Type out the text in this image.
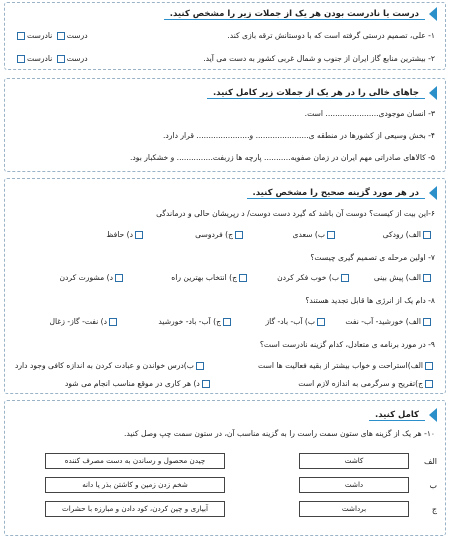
درست یا نادرست بودن هر یک از جملات زیر را مشخص کنید.
۱- علی، تصمیم درستی گرفته است که با دوستانش ترقه بازی کند.
درست نادرست
۲- بیشترین منابع گاز ایران از جنوب و شمال غربی کشور به دست می آید.
درست نادرست
جاهای خالی را در هر یک از جملات زیر کامل کنید.
۳- انسان موجودی...................... است.
۴- بخش وسیعی از کشورها در منطقه ی...................... و...................... قرار دارد.
۵- کالاهای صادراتی مهم ایران در زمان صفویه........... پارچه ها زربفت............... و خشکبار بود.
در هر مورد گزینه صحیح را مشخص کنید.
۶-این بیت از کیست؟ دوست آن باشد که گیرد دست دوست/ د رپریشان حالی و درماندگی
الف) رودکی
ب) سعدی
ج) فردوسی
د) حافظ
۷- اولین مرحله ی تصمیم گیری چیست؟
الف) پیش بینی
ب) خوب فکر کردن
ج) انتخاب بهترین راه
د) مشورت کردن
۸- دام یک از انرژی ها قابل تجدید هستند؟
الف) خورشید- آب- نفت
ب) آب- باد- گاز
ج) آب- باد- خورشید
د) نفت- گاز- زغال
۹- در مورد برنامه ی متعادل، کدام گزینه نادرست است؟
الف)استراحت و خواب بیشتر از بقیه فعالیت ها است
ب)درس خواندن و عبادت کردن به اندازه کافی وجود دارد
ج)تفریح و سرگرمی به اندازه لازم است
د) هر کاری در موقع مناسب انجام می شود
کامل کنید.
۱۰- هر یک از گزینه های ستون سمت راست را به گزینه مناسب آن، در ستون سمت چپ وصل کنید.
الف
کاشت
چیدن محصول و رساندن به دست مصرف کننده
ب
داشت
شخم زدن زمین و کاشتن بذر یا دانه
ج
برداشت
آبیاری و چین کردن، کود دادن و مبارزه با حشرات
